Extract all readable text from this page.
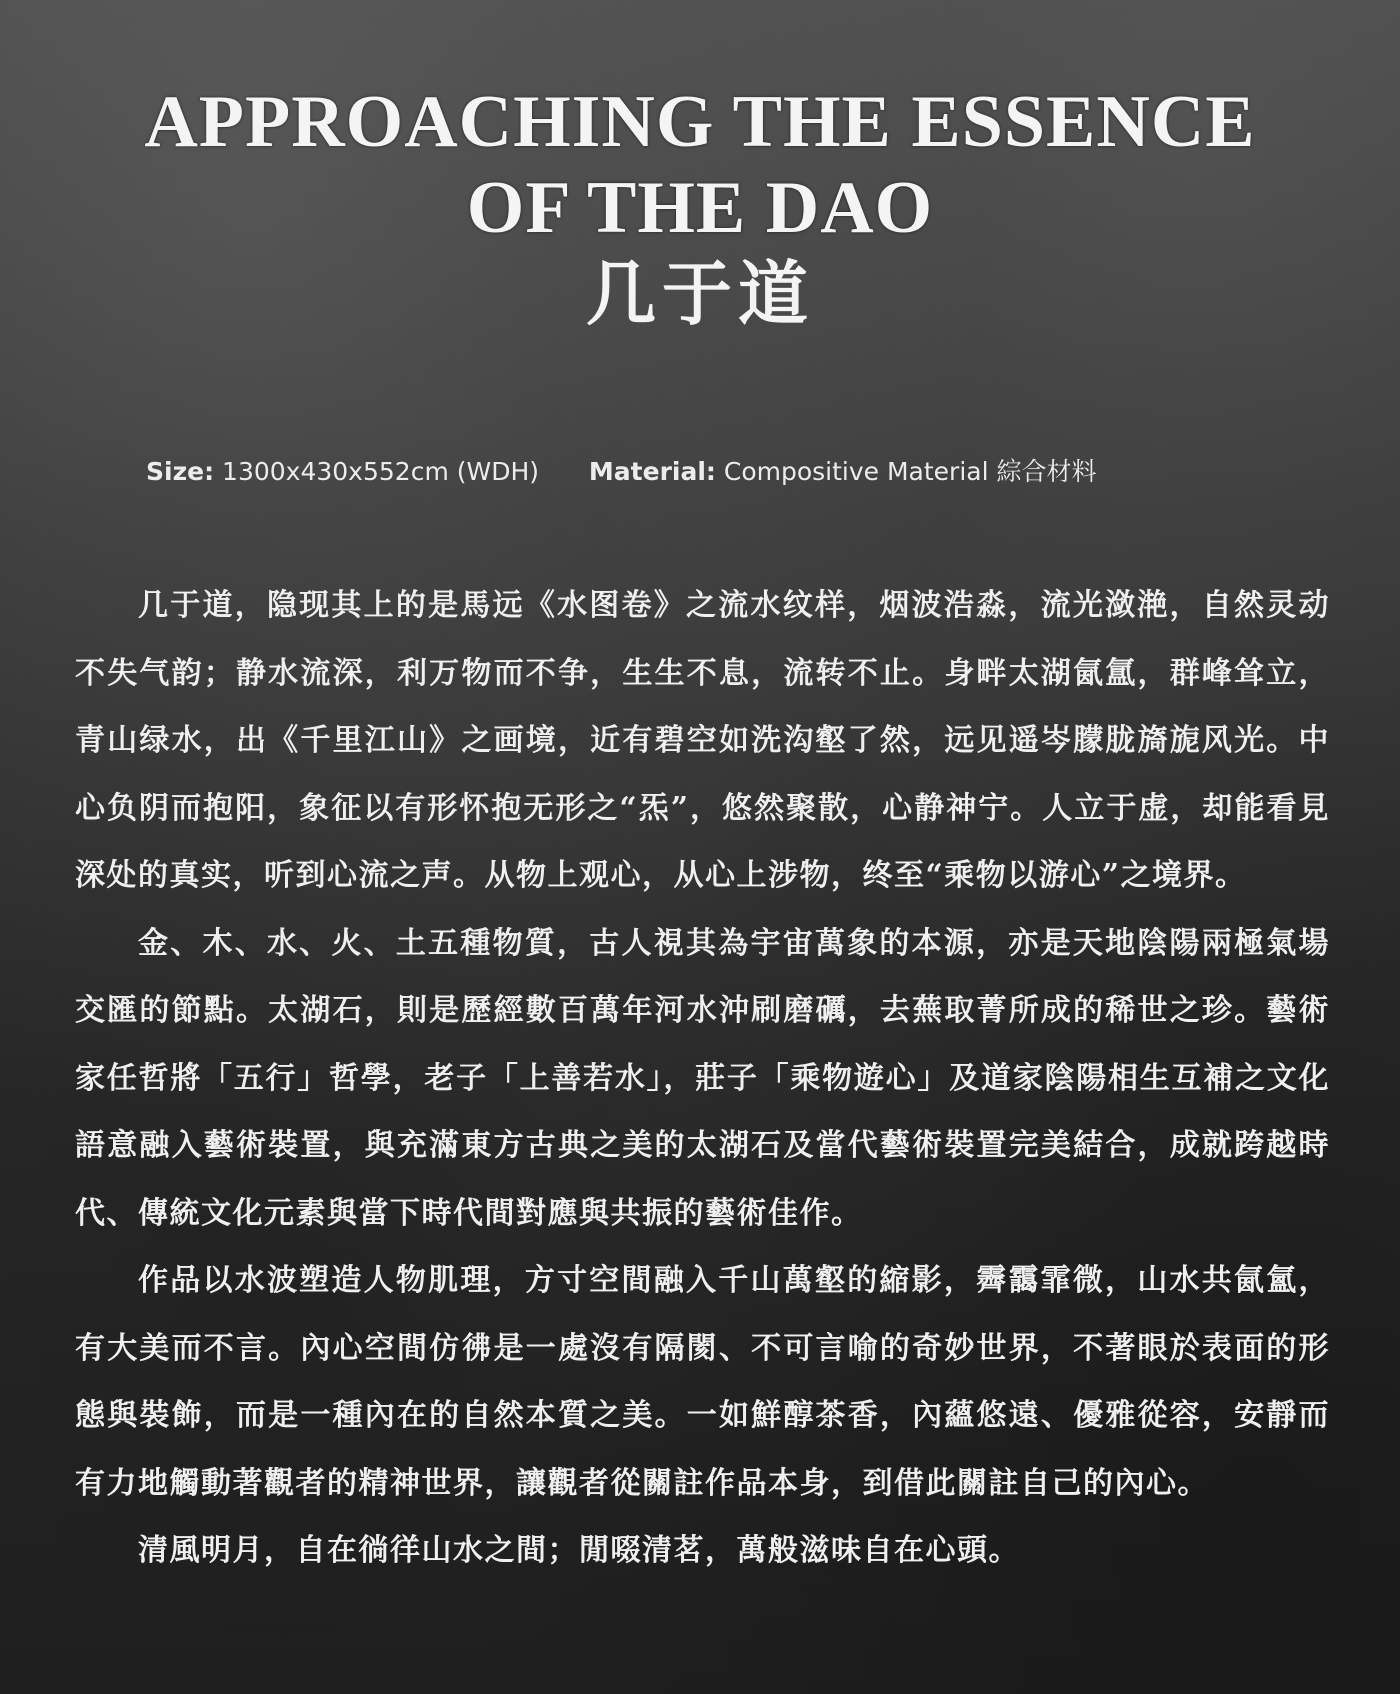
APPROACHING THE ESSENCE
OF THE DAO
几于道
Size: 1300x430x552cm (WDH) Material: Compositive Material 綜合材料

几于道，隐现其上的是馬远《水图卷》之流水纹样，烟波浩淼，流光潋滟，自然灵动不失气韵；静水流深，利万物而不争，生生不息，流转不止。身畔太湖氤氲，群峰耸立，青山绿水，出《千里江山》之画境，近有碧空如洗沟壑了然，远见遥岑朦胧旖旎风光。中心负阴而抱阳，象征以有形怀抱无形之“炁”，悠然聚散，心静神宁。人立于虚，却能看見深处的真实，听到心流之声。从物上观心，从心上涉物，终至“乘物以游心”之境界。

金、木、水、火、土五種物質，古人視其為宇宙萬象的本源，亦是天地陰陽兩極氣場交匯的節點。太湖石，則是歷經數百萬年河水沖刷磨礪，去蕪取菁所成的稀世之珍。藝術家任哲將「五行」哲學，老子「上善若水」，莊子「乘物遊心」及道家陰陽相生互補之文化語意融入藝術裝置，與充滿東方古典之美的太湖石及當代藝術裝置完美結合，成就跨越時代、傳統文化元素與當下時代間對應與共振的藝術佳作。

作品以水波塑造人物肌理，方寸空間融入千山萬壑的縮影，霽靄霏微，山水共氤氳，有大美而不言。內心空間仿彿是一處沒有隔閡、不可言喻的奇妙世界，不著眼於表面的形態與裝飾，而是一種內在的自然本質之美。一如鮮醇茶香，內蘊悠遠、優雅從容，安靜而有力地觸動著觀者的精神世界，讓觀者從關註作品本身，到借此關註自己的內心。

清風明月，自在徜徉山水之間；閒啜清茗，萬般滋味自在心頭。
